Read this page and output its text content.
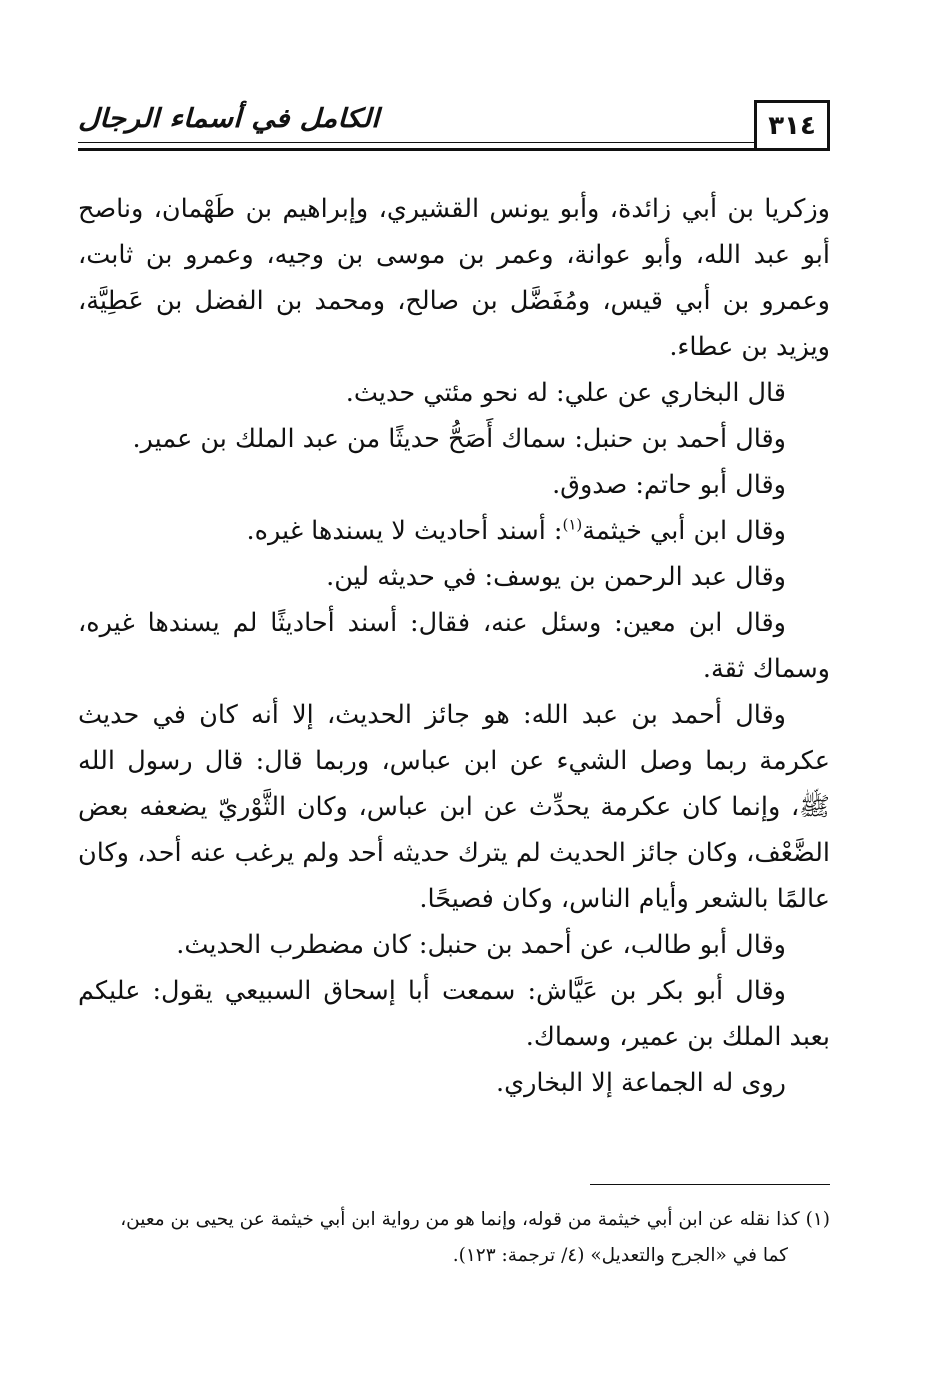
الكامل في أسماء الرجال	٣١٤

وزكريا بن أبي زائدة، وأبو يونس القشيري، وإبراهيم بن طَهْمان، وناصح أبو عبد الله، وأبو عوانة، وعمر بن موسى بن وجيه، وعمرو بن ثابت، وعمرو بن أبي قيس، ومُفَضَّل بن صالح، ومحمد بن الفضل بن عَطِيَّة، ويزيد بن عطاء.

قال البخاري عن علي: له نحو مئتي حديث.

وقال أحمد بن حنبل: سماك أَصَحُّ حديثًا من عبد الملك بن عمير.

وقال أبو حاتم: صدوق.

وقال ابن أبي خيثمة$^{(١)}$: أسند أحاديث لا يسندها غيره.

وقال عبد الرحمن بن يوسف: في حديثه لين.

وقال ابن معين: وسئل عنه، فقال: أسند أحاديثًا لم يسندها غيره، وسماك ثقة.

وقال أحمد بن عبد الله: هو جائز الحديث، إلا أنه كان في حديث عكرمة ربما وصل الشيء عن ابن عباس، وربما قال: قال رسول الله ﷺ، وإنما كان عكرمة يحدِّث عن ابن عباس، وكان الثَّوْريّ يضعفه بعض الضَّعْف، وكان جائز الحديث لم يترك حديثه أحد ولم يرغب عنه أحد، وكان عالمًا بالشعر وأيام الناس، وكان فصيحًا.

وقال أبو طالب، عن أحمد بن حنبل: كان مضطرب الحديث.

وقال أبو بكر بن عَيَّاش: سمعت أبا إسحاق السبيعي يقول: عليكم بعبد الملك بن عمير، وسماك.

روى له الجماعة إلا البخاري.

(١) كذا نقله عن ابن أبي خيثمة من قوله، وإنما هو من رواية ابن أبي خيثمة عن يحيى بن معين،

كما في «الجرح والتعديل» (٤/ ترجمة: ١٢٣).
